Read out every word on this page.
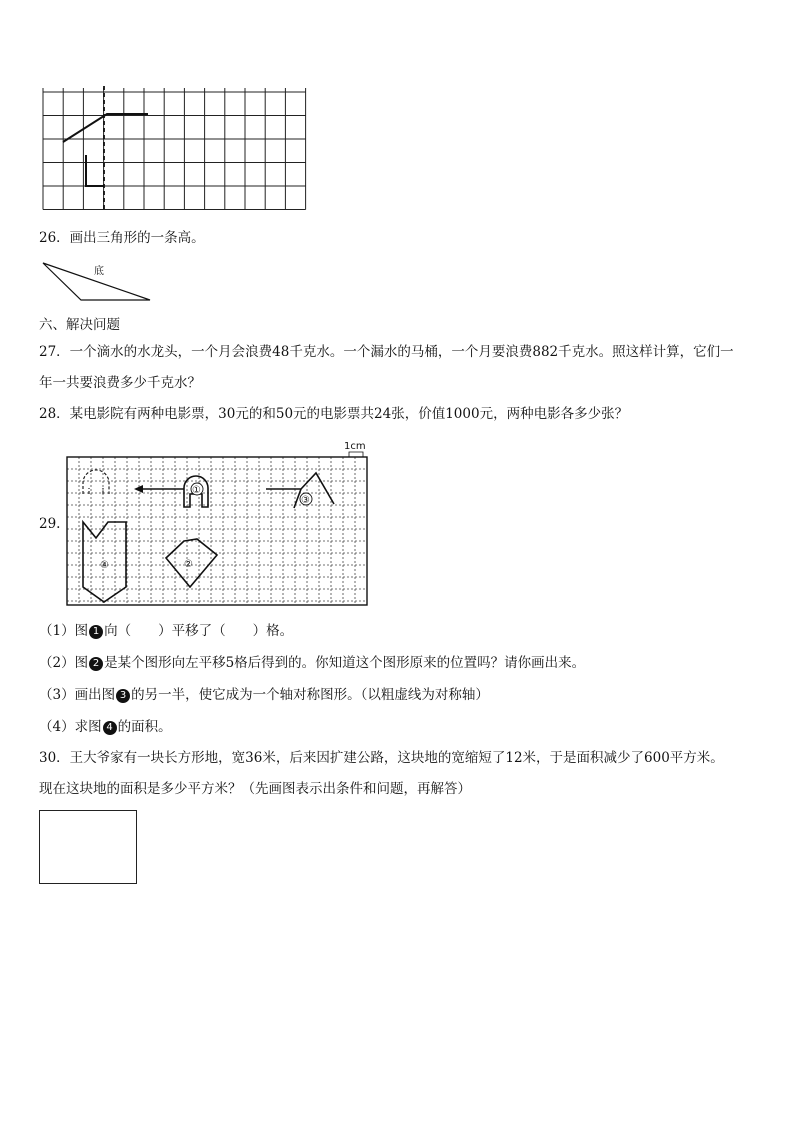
26．画出三角形的一条高。
底
六、解决问题
27．一个滴水的水龙头，一个月会浪费48千克水。一个漏水的马桶，一个月要浪费882千克水。照这样计算，它们一
年一共要浪费多少千克水？
28．某电影院有两种电影票，30元的和50元的电影票共24张，价值1000元，两种电影各多少张？
29.
1cm
①
③
④	②
（1）图 1 向（　　）平移了（　　）格。
（2）图 2 是某个图形向左平移5格后得到的。你知道这个图形原来的位置吗？请你画出来。
（3）画出图 3 的另一半，使它成为一个轴对称图形。（以粗虚线为对称轴）
（4）求图 4 的面积。
30．王大爷家有一块长方形地，宽36米，后来因扩建公路，这块地的宽缩短了12米，于是面积减少了600平方米。
现在这块地的面积是多少平方米？（先画图表示出条件和问题，再解答）
